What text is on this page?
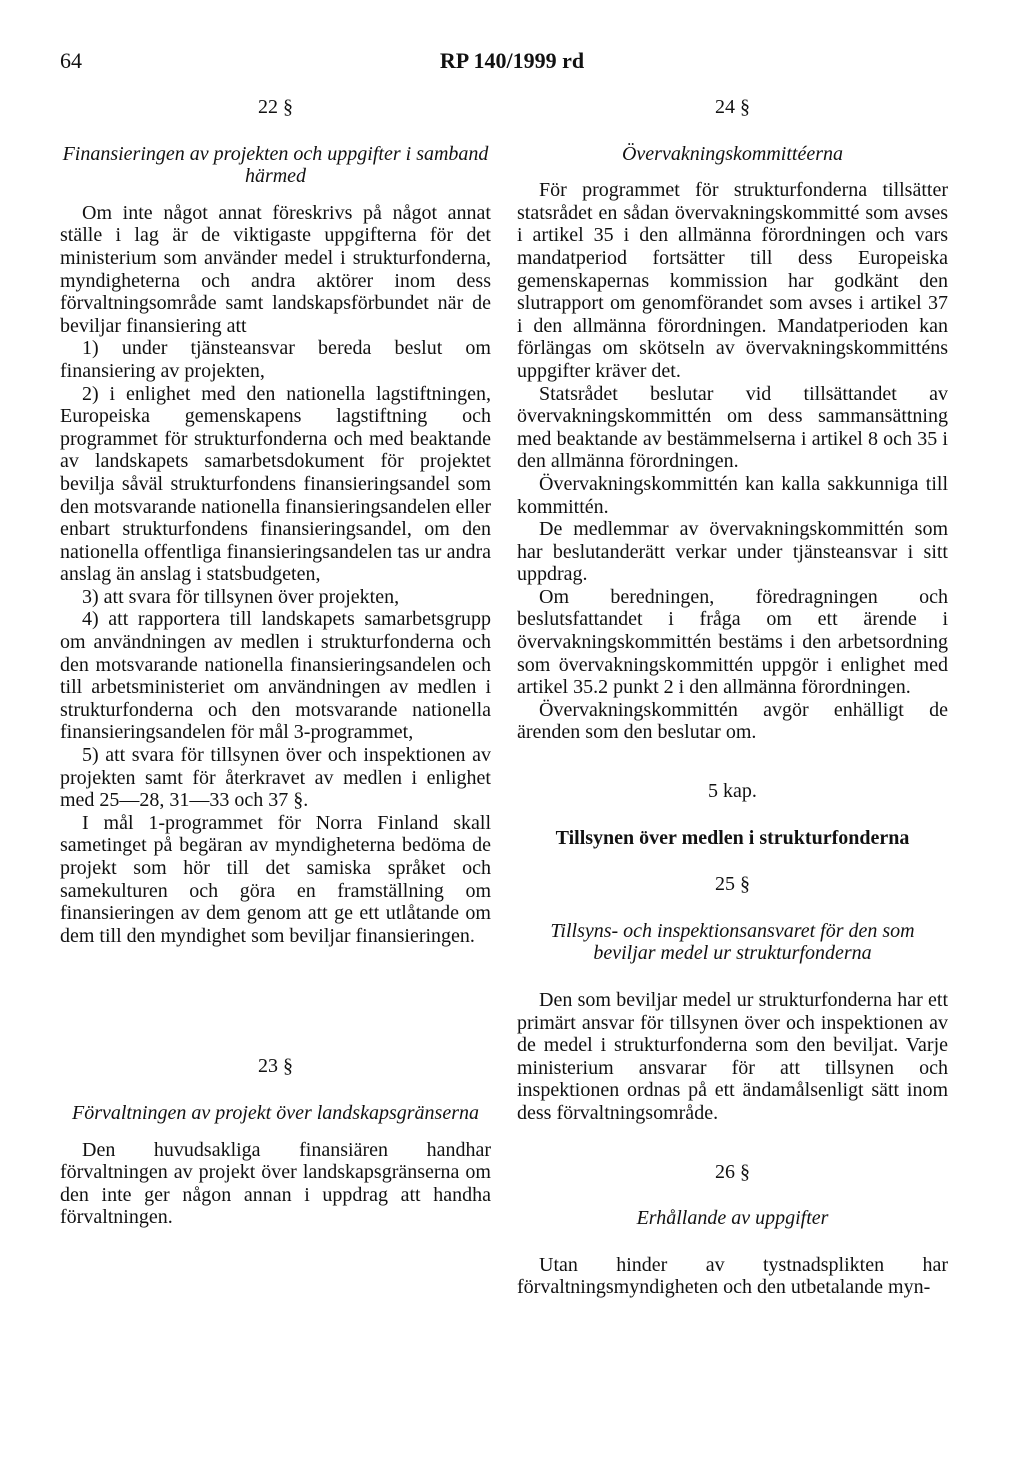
64	RP 140/1999 rd

22 §

Finansieringen av projekten och uppgifter i samband härmed

Om inte något annat föreskrivs på något annat ställe i lag är de viktigaste uppgifterna för det ministerium som använder medel i strukturfonderna, myndigheterna och andra aktörer inom dess förvaltningsområde samt landskapsförbundet när de beviljar finansiering att

1) under tjänsteansvar bereda beslut om finansiering av projekten,

2) i enlighet med den nationella lagstiftningen, Europeiska gemenskapens lagstiftning och programmet för strukturfonderna och med beaktande av landskapets samarbetsdokument för projektet bevilja såväl strukturfondens finansieringsandel som den motsvarande nationella finansieringsandelen eller enbart strukturfondens finansieringsandel, om den nationella offentliga finansieringsandelen tas ur andra anslag än anslag i statsbudgeten,

3) att svara för tillsynen över projekten,

4) att rapportera till landskapets samarbetsgrupp om användningen av medlen i strukturfonderna och den motsvarande nationella finansieringsandelen och till arbetsministeriet om användningen av medlen i strukturfonderna och den motsvarande nationella finansieringsandelen för mål 3-programmet,

5) att svara för tillsynen över och inspektionen av projekten samt för återkravet av medlen i enlighet med 25—28, 31—33 och 37 §.

I mål 1-programmet för Norra Finland skall sametinget på begäran av myndigheterna bedöma de projekt som hör till det samiska språket och samekulturen och göra en framställning om finansieringen av dem genom att ge ett utlåtande om dem till den myndighet som beviljar finansieringen.

23 §

Förvaltningen av projekt över landskapsgränserna

Den huvudsakliga finansiären handhar förvaltningen av projekt över landskapsgränserna om den inte ger någon annan i uppdrag att handha förvaltningen.

24 §

Övervakningskommittéerna

För programmet för strukturfonderna tillsätter statsrådet en sådan övervakningskommitté som avses i artikel 35 i den allmänna förordningen och vars mandatperiod fortsätter till dess Europeiska gemenskapernas kommission har godkänt den slutrapport om genomförandet som avses i artikel 37 i den allmänna förordningen. Mandatperioden kan förlängas om skötseln av övervakningskommitténs uppgifter kräver det.

Statsrådet beslutar vid tillsättandet av övervakningskommittén om dess sammansättning med beaktande av bestämmelserna i artikel 8 och 35 i den allmänna förordningen.

Övervakningskommittén kan kalla sakkunniga till kommittén.

De medlemmar av övervakningskommittén som har beslutanderätt verkar under tjänsteansvar i sitt uppdrag.

Om beredningen, föredragningen och beslutsfattandet i fråga om ett ärende i övervakningskommittén bestäms i den arbetsordning som övervakningskommittén uppgör i enlighet med artikel 35.2 punkt 2 i den allmänna förordningen.

Övervakningskommittén avgör enhälligt de ärenden som den beslutar om.

5 kap.

Tillsynen över medlen i strukturfonderna

25 §

Tillsyns- och inspektionsansvaret för den som beviljar medel ur strukturfonderna

Den som beviljar medel ur strukturfonderna har ett primärt ansvar för tillsynen över och inspektionen av de medel i strukturfonderna som den beviljat. Varje ministerium ansvarar för att tillsynen och inspektionen ordnas på ett ändamålsenligt sätt inom dess förvaltningsområde.

26 §

Erhållande av uppgifter

Utan hinder av tystnadsplikten har förvaltningsmyndigheten och den utbetalande myn-
